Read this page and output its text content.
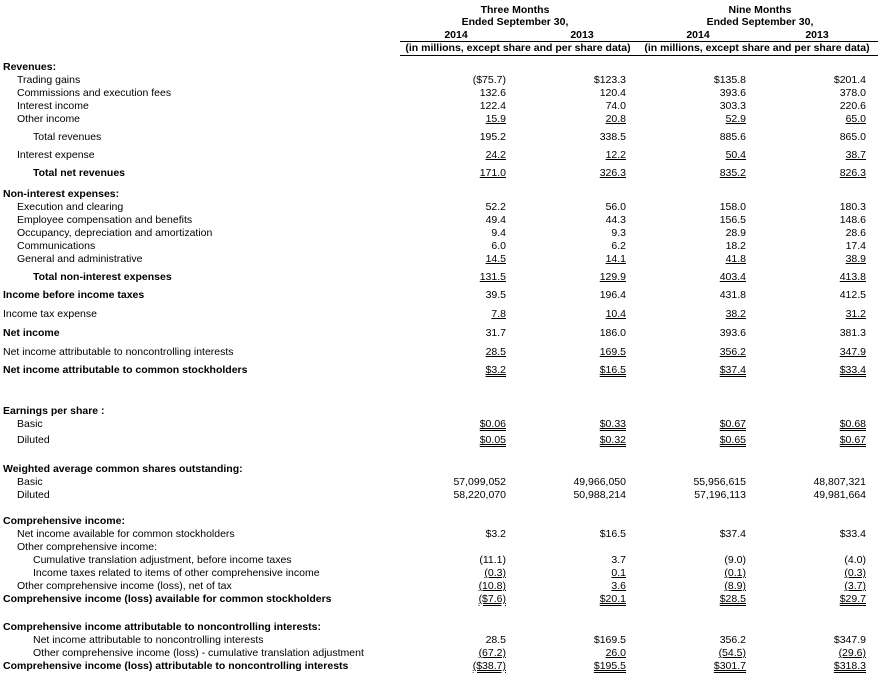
Three Months
Ended September 30,
Nine Months
Ended September 30,
2014	2013	2014	2013
(in millions, except share and per share data)	(in millions, except share and per share data)
Revenues:
Trading gains	($75.7)	$123.3	$135.8	$201.4
Commissions and execution fees	132.6	120.4	393.6	378.0
Interest income	122.4	74.0	303.3	220.6
Other income	15.9	20.8	52.9	65.0
Total revenues	195.2	338.5	885.6	865.0
Interest expense	24.2	12.2	50.4	38.7
Total net revenues	171.0	326.3	835.2	826.3
Non-interest expenses:
Execution and clearing	52.2	56.0	158.0	180.3
Employee compensation and benefits	49.4	44.3	156.5	148.6
Occupancy, depreciation and amortization	9.4	9.3	28.9	28.6
Communications	6.0	6.2	18.2	17.4
General and administrative	14.5	14.1	41.8	38.9
Total non-interest expenses	131.5	129.9	403.4	413.8
Income before income taxes	39.5	196.4	431.8	412.5
Income tax expense	7.8	10.4	38.2	31.2
Net income	31.7	186.0	393.6	381.3
Net income attributable to noncontrolling interests	28.5	169.5	356.2	347.9
Net income attributable to common stockholders	$3.2	$16.5	$37.4	$33.4
Earnings per share :
Basic	$0.06	$0.33	$0.67	$0.68
Diluted	$0.05	$0.32	$0.65	$0.67
Weighted average common shares outstanding:
Basic	57,099,052	49,966,050	55,956,615	48,807,321
Diluted	58,220,070	50,988,214	57,196,113	49,981,664
Comprehensive income:
Net income available for common stockholders	$3.2	$16.5	$37.4	$33.4
Other comprehensive income:
Cumulative translation adjustment, before income taxes	(11.1)	3.7	(9.0)	(4.0)
Income taxes related to items of other comprehensive income	(0.3)	0.1	(0.1)	(0.3)
Other comprehensive income (loss), net of tax	(10.8)	3.6	(8.9)	(3.7)
Comprehensive income (loss) available for common stockholders	($7.6)	$20.1	$28.5	$29.7
Comprehensive income attributable to noncontrolling interests:
Net income attributable to noncontrolling interests	28.5	$169.5	356.2	$347.9
Other comprehensive income (loss) - cumulative translation adjustment	(67.2)	26.0	(54.5)	(29.6)
Comprehensive income (loss) attributable to noncontrolling interests	($38.7)	$195.5	$301.7	$318.3
